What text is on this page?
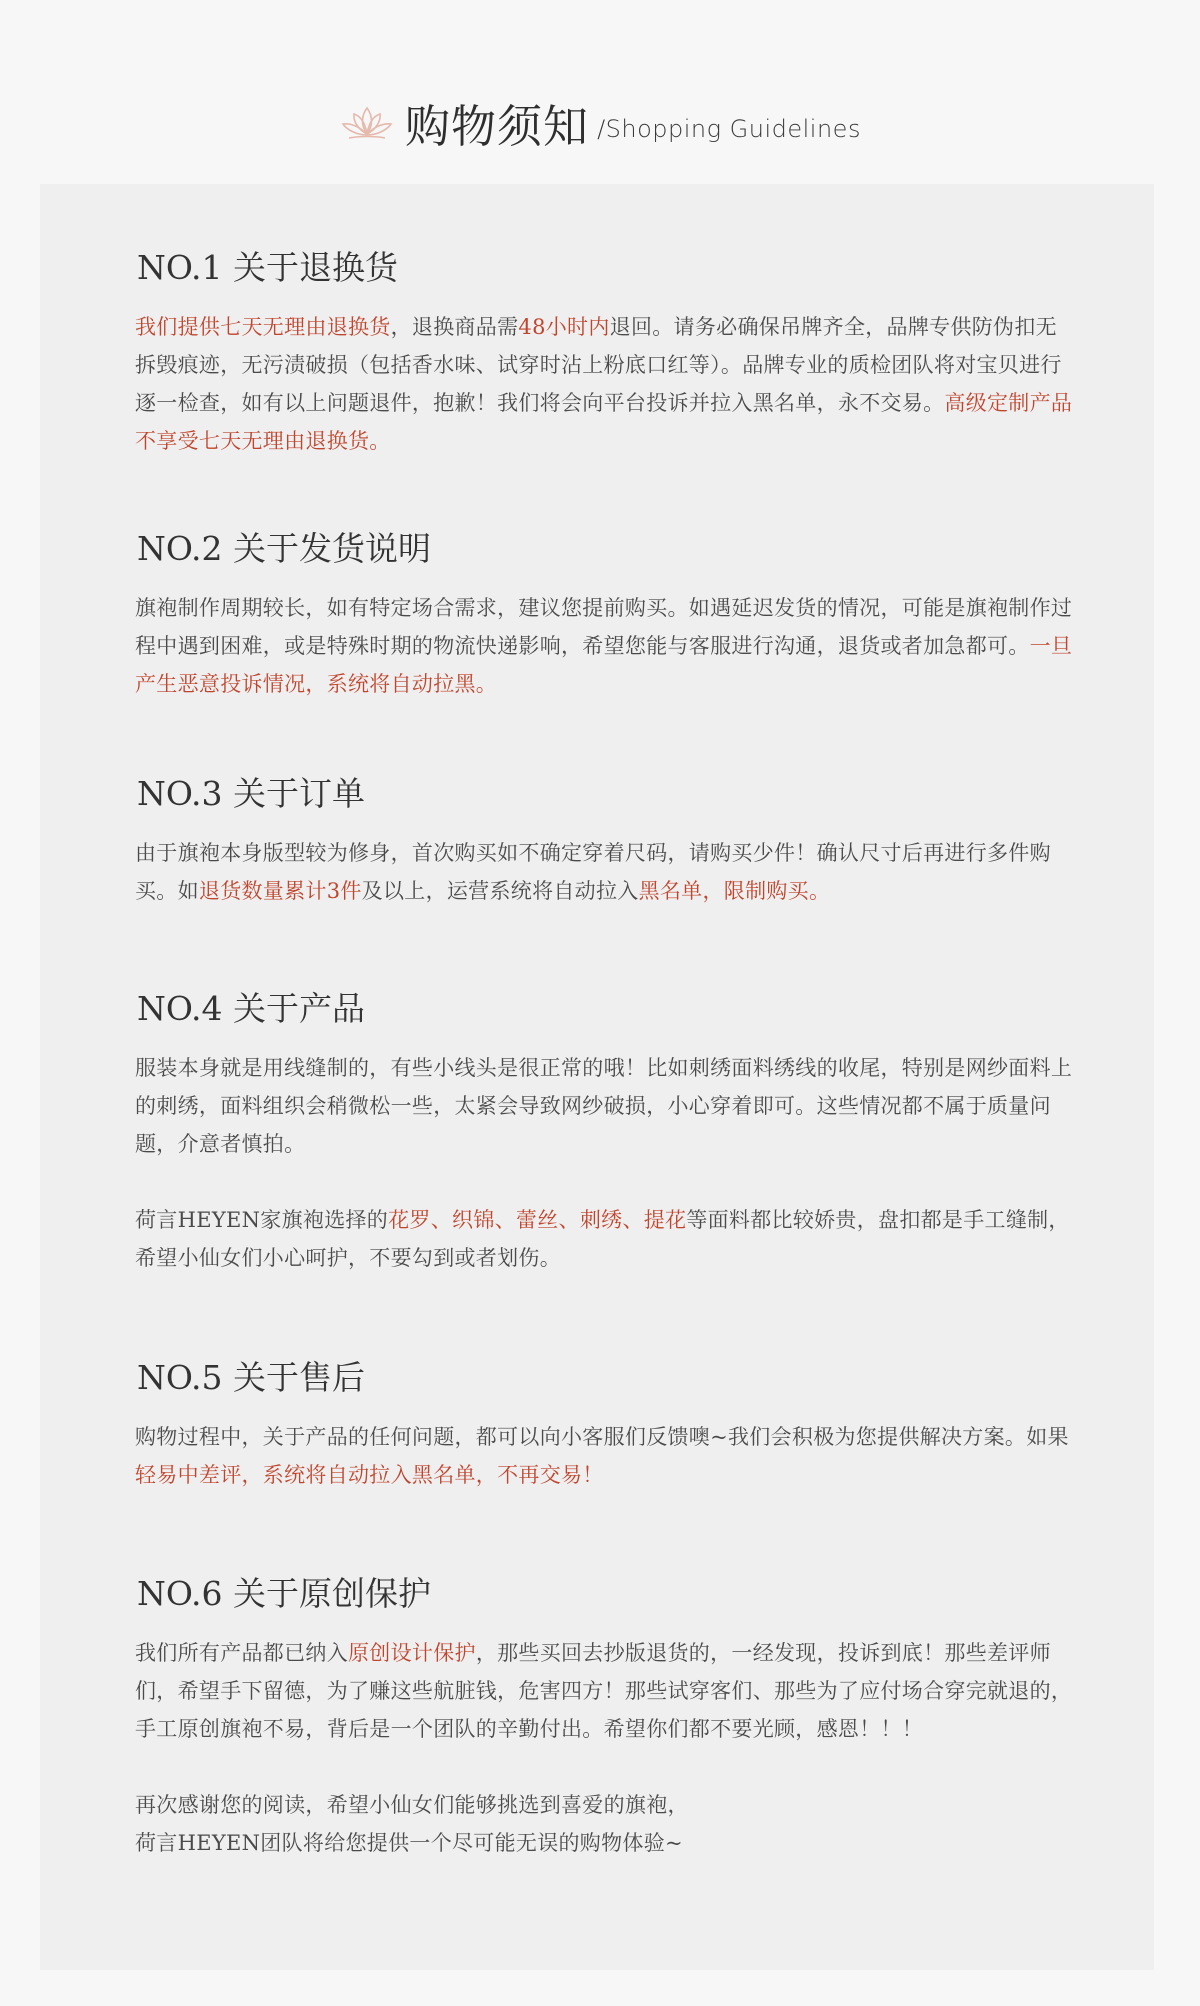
购物须知 /Shopping Guidelines
NO.1 关于退换货

我们提供七天无理由退换货，退换商品需48小时内退回。请务必确保吊牌齐全，品牌专供防伪扣无拆毁痕迹，无污渍破损（包括香水味、试穿时沾上粉底口红等）。品牌专业的质检团队将对宝贝进行逐一检查，如有以上问题退件，抱歉！我们将会向平台投诉并拉入黑名单，永不交易。高级定制产品不享受七天无理由退换货。

NO.2 关于发货说明

旗袍制作周期较长，如有特定场合需求，建议您提前购买。如遇延迟发货的情况，可能是旗袍制作过程中遇到困难，或是特殊时期的物流快递影响，希望您能与客服进行沟通，退货或者加急都可。一旦产生恶意投诉情况，系统将自动拉黑。

NO.3 关于订单

由于旗袍本身版型较为修身，首次购买如不确定穿着尺码，请购买少件！确认尺寸后再进行多件购买。如退货数量累计3件及以上，运营系统将自动拉入黑名单，限制购买。

NO.4 关于产品

服装本身就是用线缝制的，有些小线头是很正常的哦！比如刺绣面料绣线的收尾，特别是网纱面料上的刺绣，面料组织会稍微松一些，太紧会导致网纱破损，小心穿着即可。这些情况都不属于质量问题，介意者慎拍。

荷言HEYEN家旗袍选择的花罗、织锦、蕾丝、刺绣、提花等面料都比较娇贵，盘扣都是手工缝制，希望小仙女们小心呵护，不要勾到或者划伤。

NO.5 关于售后

购物过程中，关于产品的任何问题，都可以向小客服们反馈噢~我们会积极为您提供解决方案。如果轻易中差评，系统将自动拉入黑名单，不再交易！

NO.6 关于原创保护

我们所有产品都已纳入原创设计保护，那些买回去抄版退货的，一经发现，投诉到底！那些差评师们，希望手下留德，为了赚这些航脏钱，危害四方！那些试穿客们、那些为了应付场合穿完就退的，手工原创旗袍不易，背后是一个团队的辛勤付出。希望你们都不要光顾，感恩！！！

再次感谢您的阅读，希望小仙女们能够挑选到喜爱的旗袍，
荷言HEYEN团队将给您提供一个尽可能无误的购物体验~
